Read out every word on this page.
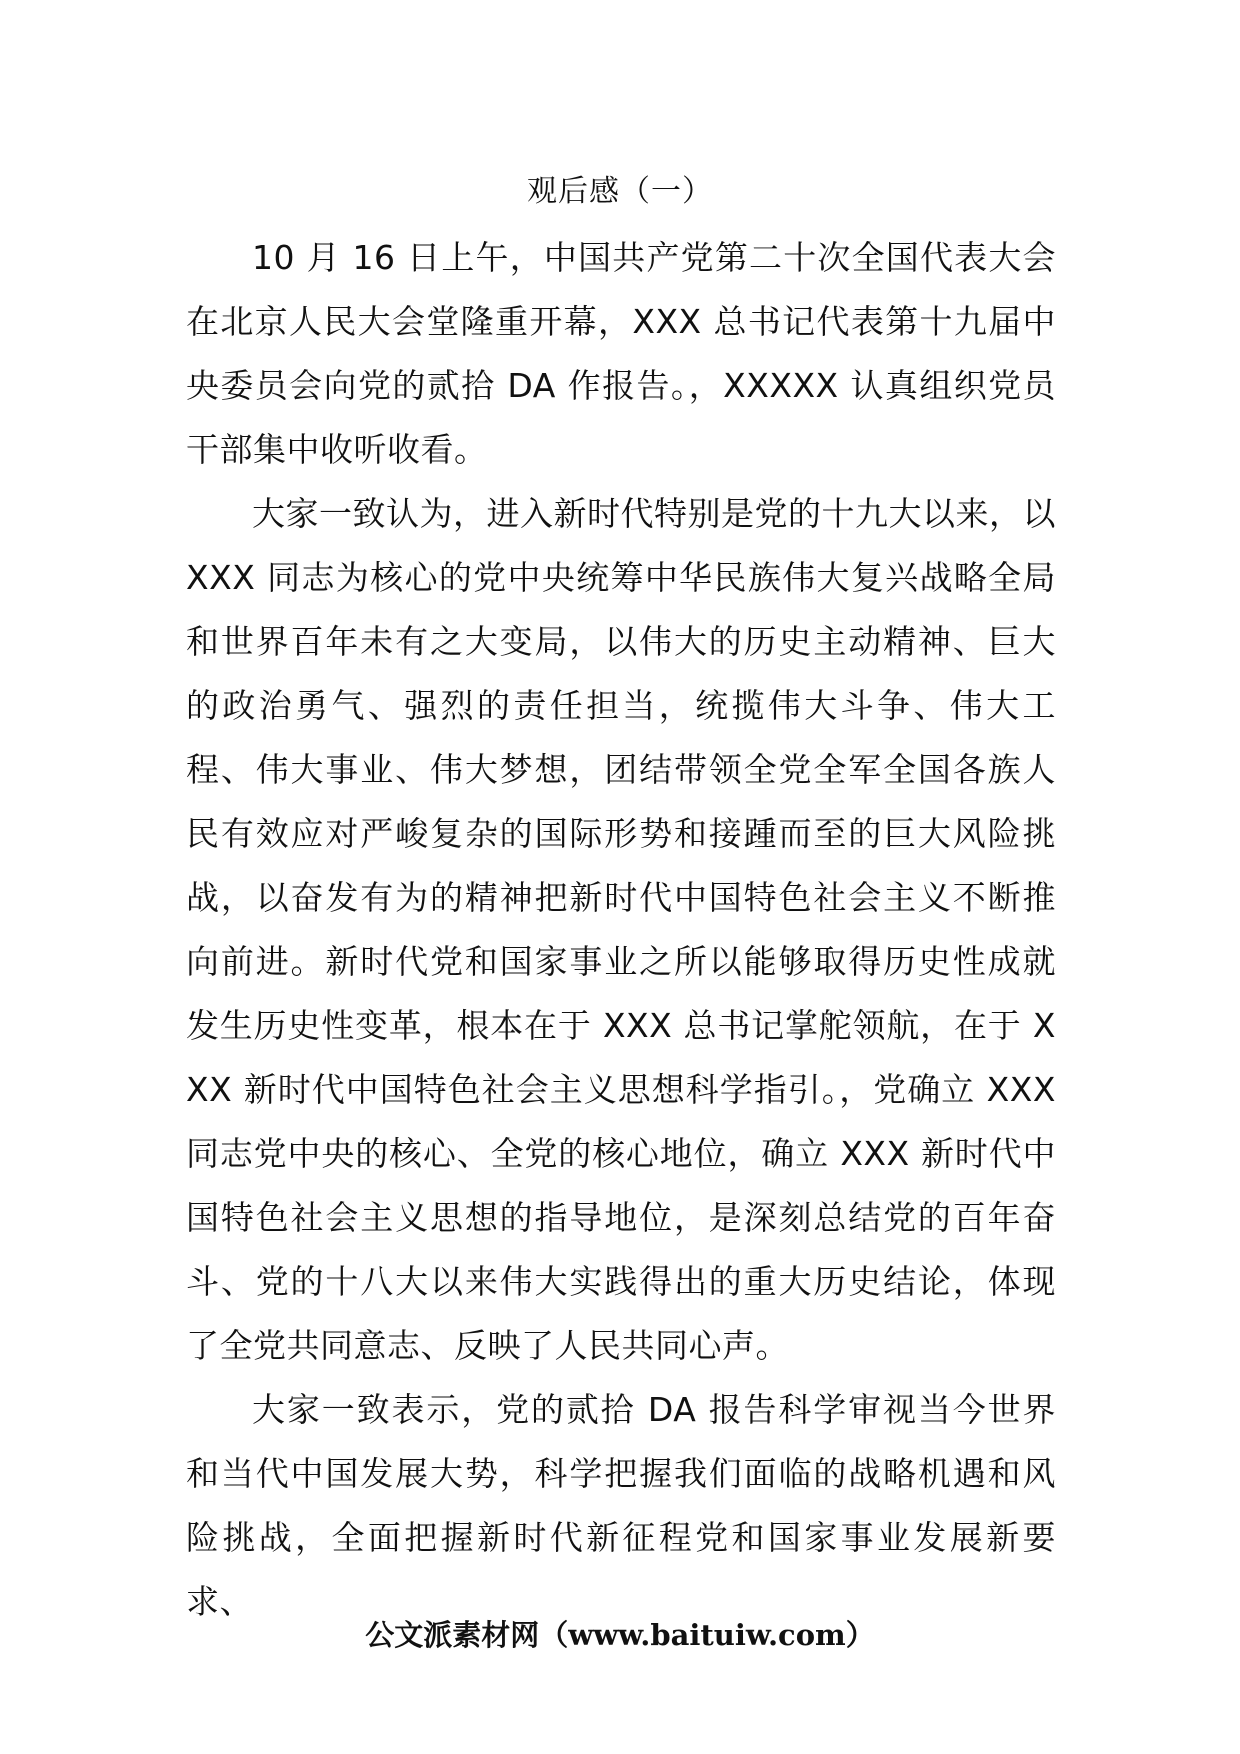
观后感（一）

10 月 16 日上午，中国共产党第二十次全国代表大会在北京人民大会堂隆重开幕，XXX 总书记代表第十九届中央委员会向党的贰拾 DA 作报告。，XXXXX 认真组织党员干部集中收听收看。

大家一致认为，进入新时代特别是党的十九大以来，以 XXX 同志为核心的党中央统筹中华民族伟大复兴战略全局和世界百年未有之大变局，以伟大的历史主动精神、巨大的政治勇气、强烈的责任担当，统揽伟大斗争、伟大工程、伟大事业、伟大梦想，团结带领全党全军全国各族人民有效应对严峻复杂的国际形势和接踵而至的巨大风险挑战，以奋发有为的精神把新时代中国特色社会主义不断推向前进。新时代党和国家事业之所以能够取得历史性成就发生历史性变革，根本在于 XXX 总书记掌舵领航，在于 XXX 新时代中国特色社会主义思想科学指引。，党确立 XXX 同志党中央的核心、全党的核心地位，确立 XXX 新时代中国特色社会主义思想的指导地位，是深刻总结党的百年奋斗、党的十八大以来伟大实践得出的重大历史结论，体现了全党共同意志、反映了人民共同心声。

大家一致表示，党的贰拾 DA 报告科学审视当今世界和当代中国发展大势，科学把握我们面临的战略机遇和风险挑战，全面把握新时代新征程党和国家事业发展新要求、

公文派素材网（www.baituiw.com）
